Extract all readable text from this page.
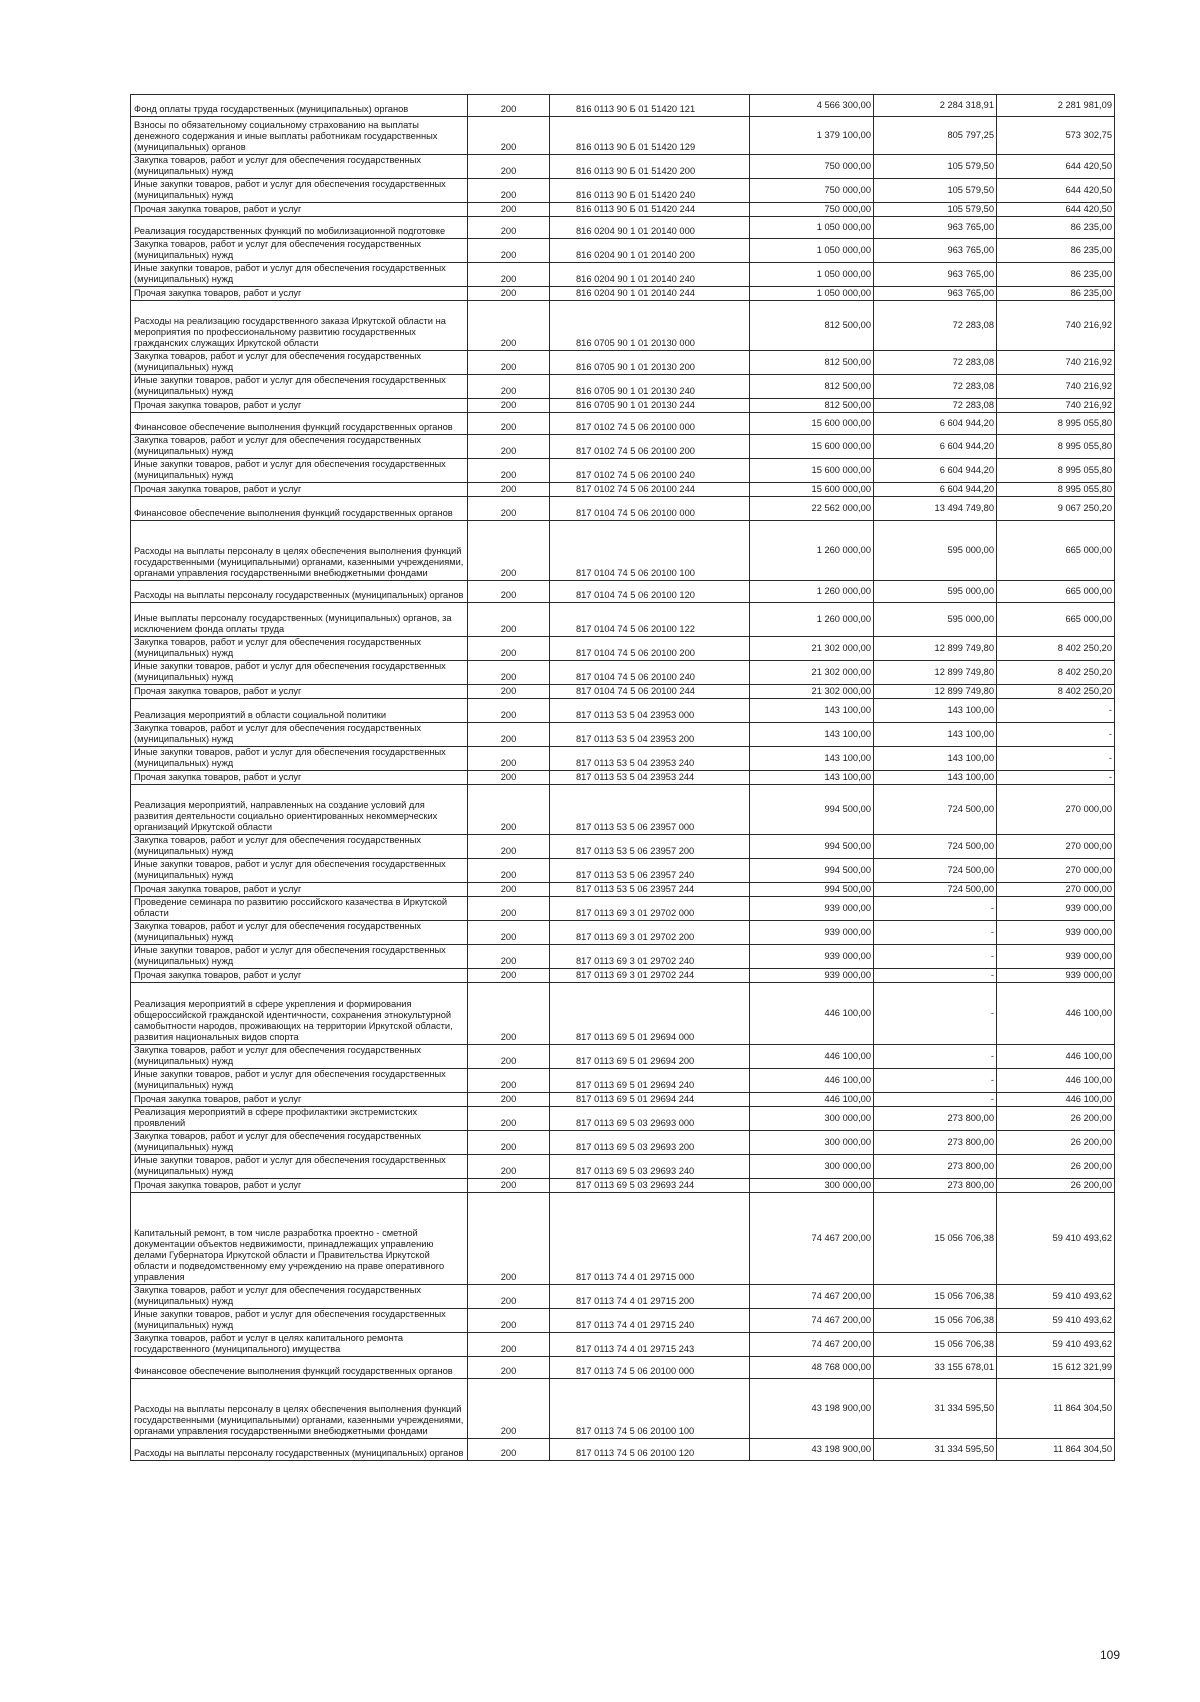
Фонд оплаты труда государственных (муниципальных) органов	200	816 0113 90 Б 01 51420 121	4 566 300,00	2 284 318,91	2 281 981,09
Взносы по обязательному социальному страхованию на выплаты денежного содержания и иные выплаты работникам государственных (муниципальных) органов	200	816 0113 90 Б 01 51420 129	1 379 100,00	805 797,25	573 302,75
Закупка товаров, работ и услуг для обеспечения государственных (муниципальных) нужд	200	816 0113 90 Б 01 51420 200	750 000,00	105 579,50	644 420,50
Иные закупки товаров, работ и услуг для обеспечения государственных (муниципальных) нужд	200	816 0113 90 Б 01 51420 240	750 000,00	105 579,50	644 420,50
Прочая закупка товаров, работ и услуг	200	816 0113 90 Б 01 51420 244	750 000,00	105 579,50	644 420,50
Реализация государственных функций по мобилизационной подготовке	200	816 0204 90 1 01 20140 000	1 050 000,00	963 765,00	86 235,00
Закупка товаров, работ и услуг для обеспечения государственных (муниципальных) нужд	200	816 0204 90 1 01 20140 200	1 050 000,00	963 765,00	86 235,00
Иные закупки товаров, работ и услуг для обеспечения государственных (муниципальных) нужд	200	816 0204 90 1 01 20140 240	1 050 000,00	963 765,00	86 235,00
Прочая закупка товаров, работ и услуг	200	816 0204 90 1 01 20140 244	1 050 000,00	963 765,00	86 235,00
Расходы на реализацию государственного заказа Иркутской области на мероприятия по профессиональному развитию государственных гражданских служащих Иркутской области	200	816 0705 90 1 01 20130 000	812 500,00	72 283,08	740 216,92
Закупка товаров, работ и услуг для обеспечения государственных (муниципальных) нужд	200	816 0705 90 1 01 20130 200	812 500,00	72 283,08	740 216,92
Иные закупки товаров, работ и услуг для обеспечения государственных (муниципальных) нужд	200	816 0705 90 1 01 20130 240	812 500,00	72 283,08	740 216,92
Прочая закупка товаров, работ и услуг	200	816 0705 90 1 01 20130 244	812 500,00	72 283,08	740 216,92
Финансовое обеспечение выполнения функций государственных органов	200	817 0102 74 5 06 20100 000	15 600 000,00	6 604 944,20	8 995 055,80
Закупка товаров, работ и услуг для обеспечения государственных (муниципальных) нужд	200	817 0102 74 5 06 20100 200	15 600 000,00	6 604 944,20	8 995 055,80
Иные закупки товаров, работ и услуг для обеспечения государственных (муниципальных) нужд	200	817 0102 74 5 06 20100 240	15 600 000,00	6 604 944,20	8 995 055,80
Прочая закупка товаров, работ и услуг	200	817 0102 74 5 06 20100 244	15 600 000,00	6 604 944,20	8 995 055,80
Финансовое обеспечение выполнения функций государственных органов	200	817 0104 74 5 06 20100 000	22 562 000,00	13 494 749,80	9 067 250,20
Расходы на выплаты персоналу в целях обеспечения выполнения функций государственными (муниципальными) органами, казенными учреждениями, органами управления государственными внебюджетными фондами	200	817 0104 74 5 06 20100 100	1 260 000,00	595 000,00	665 000,00
Расходы на выплаты персоналу государственных (муниципальных) органов	200	817 0104 74 5 06 20100 120	1 260 000,00	595 000,00	665 000,00
Иные выплаты персоналу государственных (муниципальных) органов, за исключением фонда оплаты труда	200	817 0104 74 5 06 20100 122	1 260 000,00	595 000,00	665 000,00
Закупка товаров, работ и услуг для обеспечения государственных (муниципальных) нужд	200	817 0104 74 5 06 20100 200	21 302 000,00	12 899 749,80	8 402 250,20
Иные закупки товаров, работ и услуг для обеспечения государственных (муниципальных) нужд	200	817 0104 74 5 06 20100 240	21 302 000,00	12 899 749,80	8 402 250,20
Прочая закупка товаров, работ и услуг	200	817 0104 74 5 06 20100 244	21 302 000,00	12 899 749,80	8 402 250,20
Реализация мероприятий в области социальной политики	200	817 0113 53 5 04 23953 000	143 100,00	143 100,00	-
Закупка товаров, работ и услуг для обеспечения государственных (муниципальных) нужд	200	817 0113 53 5 04 23953 200	143 100,00	143 100,00	-
Иные закупки товаров, работ и услуг для обеспечения государственных (муниципальных) нужд	200	817 0113 53 5 04 23953 240	143 100,00	143 100,00	-
Прочая закупка товаров, работ и услуг	200	817 0113 53 5 04 23953 244	143 100,00	143 100,00	-
Реализация мероприятий, направленных на создание условий для развития деятельности социально ориентированных некоммерческих организаций Иркутской области	200	817 0113 53 5 06 23957 000	994 500,00	724 500,00	270 000,00
Закупка товаров, работ и услуг для обеспечения государственных (муниципальных) нужд	200	817 0113 53 5 06 23957 200	994 500,00	724 500,00	270 000,00
Иные закупки товаров, работ и услуг для обеспечения государственных (муниципальных) нужд	200	817 0113 53 5 06 23957 240	994 500,00	724 500,00	270 000,00
Прочая закупка товаров, работ и услуг	200	817 0113 53 5 06 23957 244	994 500,00	724 500,00	270 000,00
Проведение семинара по развитию российского казачества в Иркутской области	200	817 0113 69 3 01 29702 000	939 000,00	-	939 000,00
Закупка товаров, работ и услуг для обеспечения государственных (муниципальных) нужд	200	817 0113 69 3 01 29702 200	939 000,00	-	939 000,00
Иные закупки товаров, работ и услуг для обеспечения государственных (муниципальных) нужд	200	817 0113 69 3 01 29702 240	939 000,00	-	939 000,00
Прочая закупка товаров, работ и услуг	200	817 0113 69 3 01 29702 244	939 000,00	-	939 000,00
Реализация мероприятий в сфере укрепления и формирования общероссийской гражданской идентичности, сохранения этнокультурной самобытности народов, проживающих на территории Иркутской области, развития национальных видов спорта	200	817 0113 69 5 01 29694 000	446 100,00	-	446 100,00
Закупка товаров, работ и услуг для обеспечения государственных (муниципальных) нужд	200	817 0113 69 5 01 29694 200	446 100,00	-	446 100,00
Иные закупки товаров, работ и услуг для обеспечения государственных (муниципальных) нужд	200	817 0113 69 5 01 29694 240	446 100,00	-	446 100,00
Прочая закупка товаров, работ и услуг	200	817 0113 69 5 01 29694 244	446 100,00	-	446 100,00
Реализация мероприятий в сфере профилактики экстремистских проявлений	200	817 0113 69 5 03 29693 000	300 000,00	273 800,00	26 200,00
Закупка товаров, работ и услуг для обеспечения государственных (муниципальных) нужд	200	817 0113 69 5 03 29693 200	300 000,00	273 800,00	26 200,00
Иные закупки товаров, работ и услуг для обеспечения государственных (муниципальных) нужд	200	817 0113 69 5 03 29693 240	300 000,00	273 800,00	26 200,00
Прочая закупка товаров, работ и услуг	200	817 0113 69 5 03 29693 244	300 000,00	273 800,00	26 200,00
Капитальный ремонт, в том числе разработка проектно - сметной документации объектов недвижимости, принадлежащих управлению делами Губернатора Иркутской области и Правительства Иркутской области и подведомственному ему учреждению на праве оперативного управления	200	817 0113 74 4 01 29715 000	74 467 200,00	15 056 706,38	59 410 493,62
Закупка товаров, работ и услуг для обеспечения государственных (муниципальных) нужд	200	817 0113 74 4 01 29715 200	74 467 200,00	15 056 706,38	59 410 493,62
Иные закупки товаров, работ и услуг для обеспечения государственных (муниципальных) нужд	200	817 0113 74 4 01 29715 240	74 467 200,00	15 056 706,38	59 410 493,62
Закупка товаров, работ и услуг в целях капитального ремонта государственного (муниципального) имущества	200	817 0113 74 4 01 29715 243	74 467 200,00	15 056 706,38	59 410 493,62
Финансовое обеспечение выполнения функций государственных органов	200	817 0113 74 5 06 20100 000	48 768 000,00	33 155 678,01	15 612 321,99
Расходы на выплаты персоналу в целях обеспечения выполнения функций государственными (муниципальными) органами, казенными учреждениями, органами управления государственными внебюджетными фондами	200	817 0113 74 5 06 20100 100	43 198 900,00	31 334 595,50	11 864 304,50
Расходы на выплаты персоналу государственных (муниципальных) органов	200	817 0113 74 5 06 20100 120	43 198 900,00	31 334 595,50	11 864 304,50
109
